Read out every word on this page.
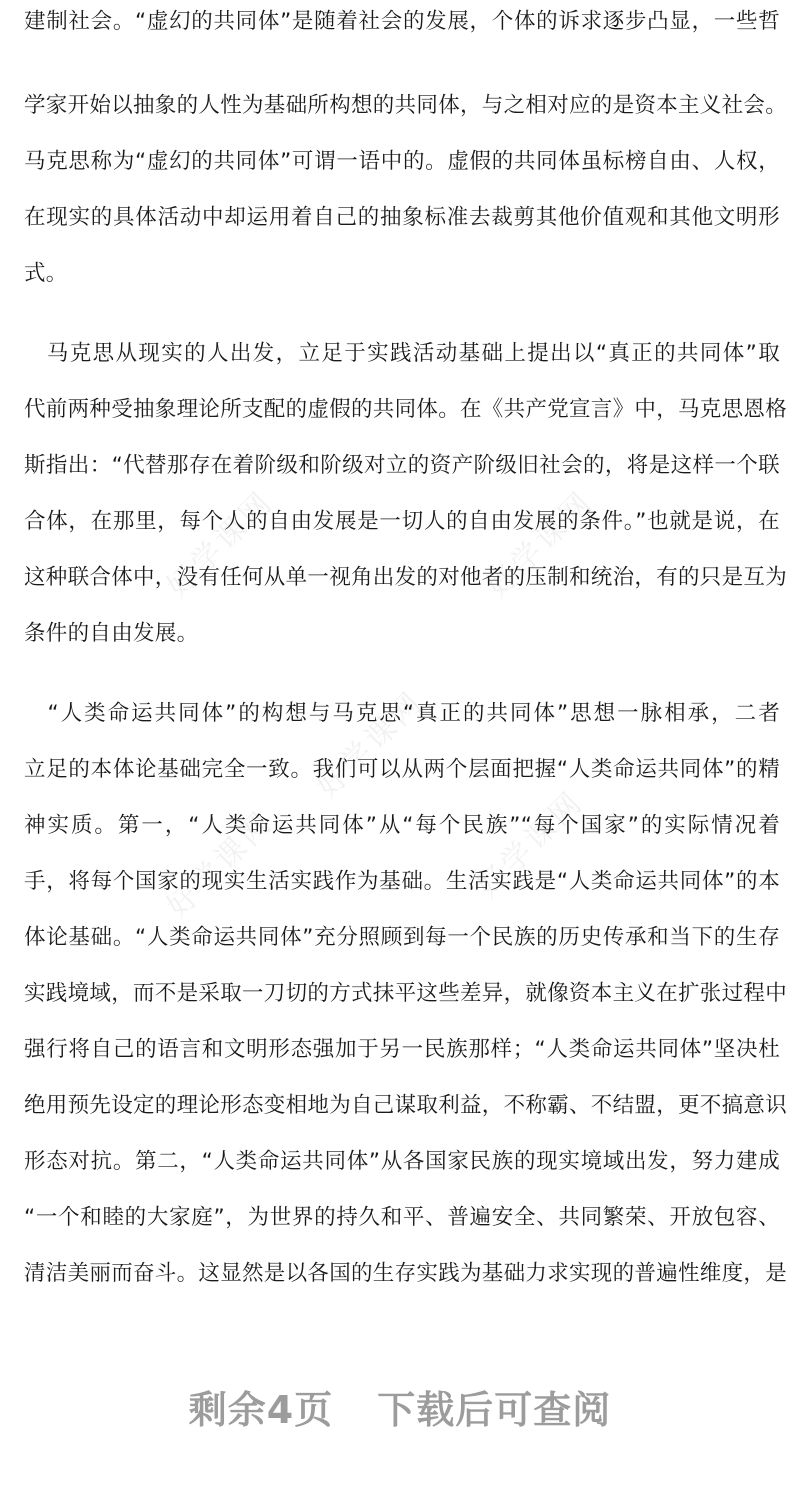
建制社会。“虚幻的共同体”是随着社会的发展，个体的诉求逐步凸显，一些哲
学家开始以抽象的人性为基础所构想的共同体，与之相对应的是资本主义社会。
马克思称为“虚幻的共同体”可谓一语中的。虚假的共同体虽标榜自由、人权，
在现实的具体活动中却运用着自己的抽象标准去裁剪其他价值观和其他文明形
式。
　马克思从现实的人出发，立足于实践活动基础上提出以“真正的共同体”取
代前两种受抽象理论所支配的虚假的共同体。在《共产党宣言》中，马克思恩格
斯指出：“代替那存在着阶级和阶级对立的资产阶级旧社会的，将是这样一个联
合体，在那里，每个人的自由发展是一切人的自由发展的条件。”也就是说，在
这种联合体中，没有任何从单一视角出发的对他者的压制和统治，有的只是互为
条件的自由发展。
　“人类命运共同体”的构想与马克思“真正的共同体”思想一脉相承，二者
立足的本体论基础完全一致。我们可以从两个层面把握“人类命运共同体”的精
神实质。第一，“人类命运共同体”从“每个民族”“每个国家”的实际情况着
手，将每个国家的现实生活实践作为基础。生活实践是“人类命运共同体”的本
体论基础。“人类命运共同体”充分照顾到每一个民族的历史传承和当下的生存
实践境域，而不是采取一刀切的方式抹平这些差异，就像资本主义在扩张过程中
强行将自己的语言和文明形态强加于另一民族那样；“人类命运共同体”坚决杜
绝用预先设定的理论形态变相地为自己谋取利益，不称霸、不结盟，更不搞意识
形态对抗。第二，“人类命运共同体”从各国家民族的现实境域出发，努力建成
“一个和睦的大家庭”，为世界的持久和平、普遍安全、共同繁荣、开放包容、
清洁美丽而奋斗。这显然是以各国的生存实践为基础力求实现的普遍性维度，是
好学课网	好学课网
好学课网
好学课网	好学课网
剩余4页 下载后可查阅
